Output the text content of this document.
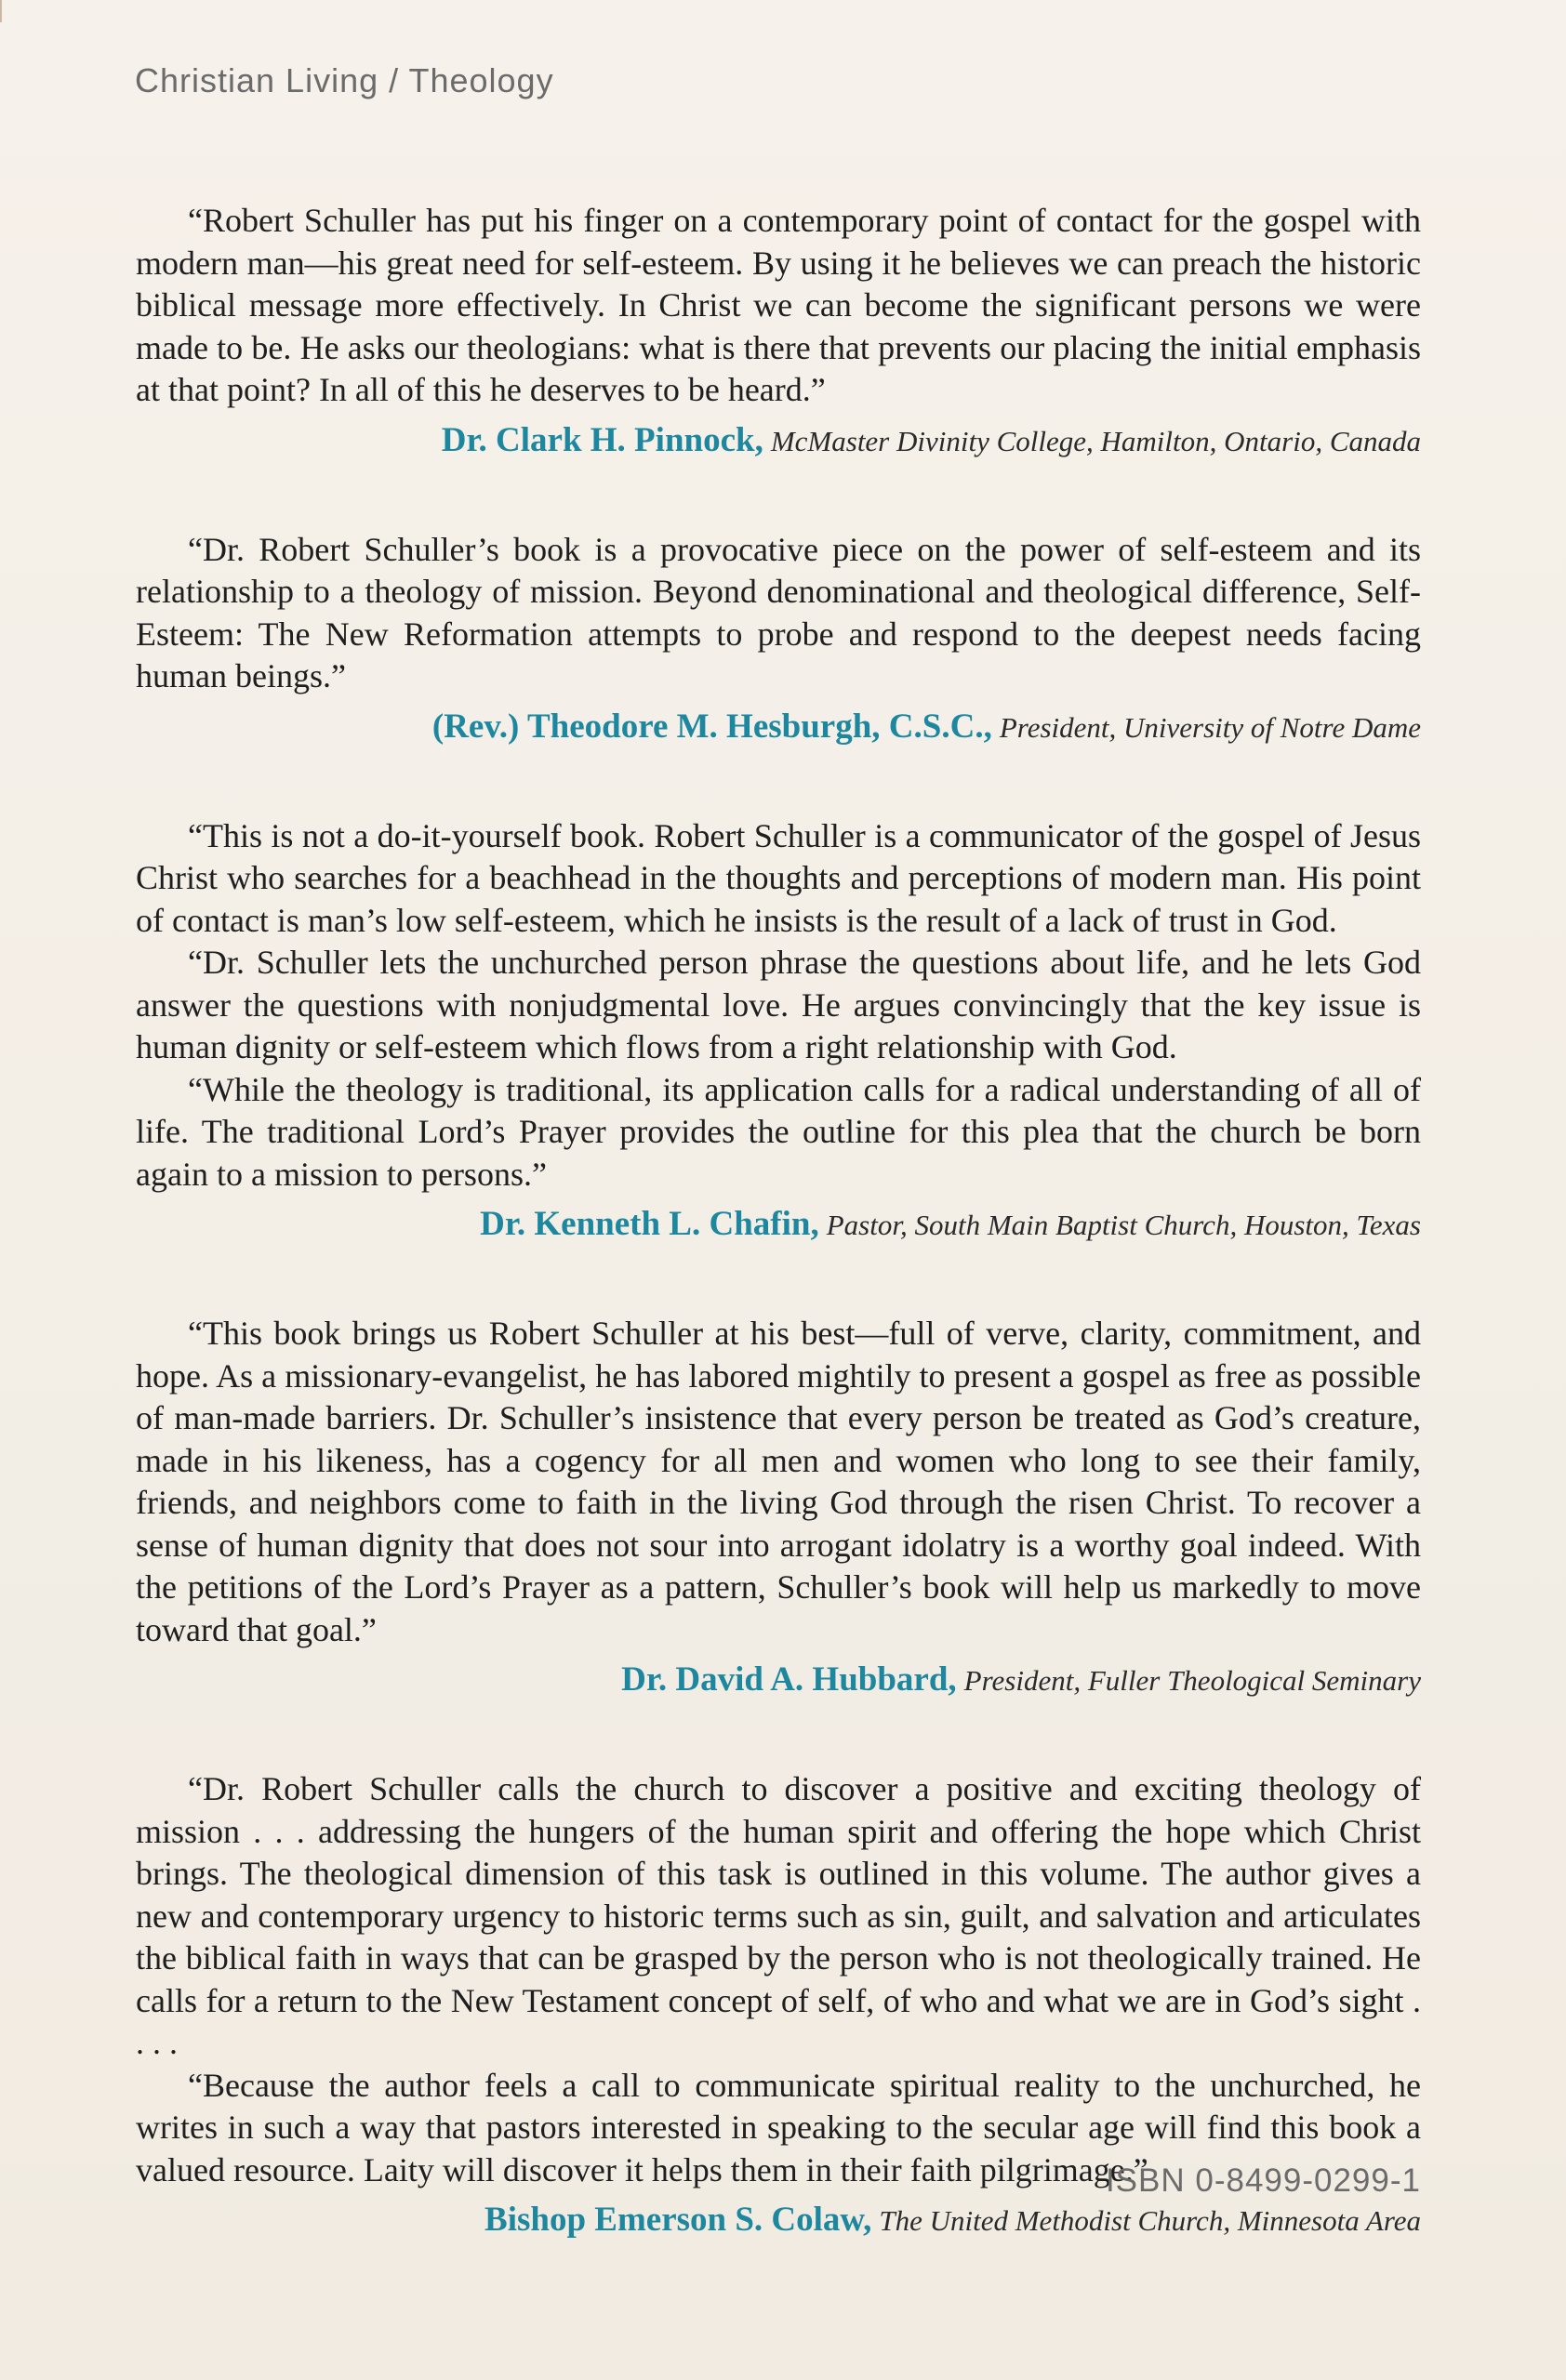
Christian Living / Theology

“Robert Schuller has put his finger on a contemporary point of contact for the gospel with modern man—his great need for self-esteem. By using it he believes we can preach the historic biblical message more effectively. In Christ we can become the significant persons we were made to be. He asks our theologians: what is there that prevents our placing the initial emphasis at that point? In all of this he deserves to be heard.”

Dr. Clark H. Pinnock, McMaster Divinity College, Hamilton, Ontario, Canada

“Dr. Robert Schuller’s book is a provocative piece on the power of self-esteem and its relationship to a theology of mission. Beyond denominational and theological difference, Self-Esteem: The New Reformation attempts to probe and respond to the deepest needs facing human beings.”

(Rev.) Theodore M. Hesburgh, C.S.C., President, University of Notre Dame

“This is not a do-it-yourself book. Robert Schuller is a communicator of the gospel of Jesus Christ who searches for a beachhead in the thoughts and perceptions of modern man. His point of contact is man’s low self-esteem, which he insists is the result of a lack of trust in God.

“Dr. Schuller lets the unchurched person phrase the questions about life, and he lets God answer the questions with nonjudgmental love. He argues convincingly that the key issue is human dignity or self-esteem which flows from a right relationship with God.

“While the theology is traditional, its application calls for a radical understanding of all of life. The traditional Lord’s Prayer provides the outline for this plea that the church be born again to a mission to persons.”

Dr. Kenneth L. Chafin, Pastor, South Main Baptist Church, Houston, Texas

“This book brings us Robert Schuller at his best—full of verve, clarity, commitment, and hope. As a missionary-evangelist, he has labored mightily to present a gospel as free as possible of man-made barriers. Dr. Schuller’s insistence that every person be treated as God’s creature, made in his likeness, has a cogency for all men and women who long to see their family, friends, and neighbors come to faith in the living God through the risen Christ. To recover a sense of human dignity that does not sour into arrogant idolatry is a worthy goal indeed. With the petitions of the Lord’s Prayer as a pattern, Schuller’s book will help us markedly to move toward that goal.”

Dr. David A. Hubbard, President, Fuller Theological Seminary

“Dr. Robert Schuller calls the church to discover a positive and exciting theology of mission . . . addressing the hungers of the human spirit and offering the hope which Christ brings. The theological dimension of this task is outlined in this volume. The author gives a new and contemporary urgency to historic terms such as sin, guilt, and salvation and articulates the biblical faith in ways that can be grasped by the person who is not theologically trained. He calls for a return to the New Testament concept of self, of who and what we are in God’s sight . . . .

“Because the author feels a call to communicate spiritual reality to the unchurched, he writes in such a way that pastors interested in speaking to the secular age will find this book a valued resource. Laity will discover it helps them in their faith pilgrimage.”

Bishop Emerson S. Colaw, The United Methodist Church, Minnesota Area
ISBN 0-8499-0299-1
